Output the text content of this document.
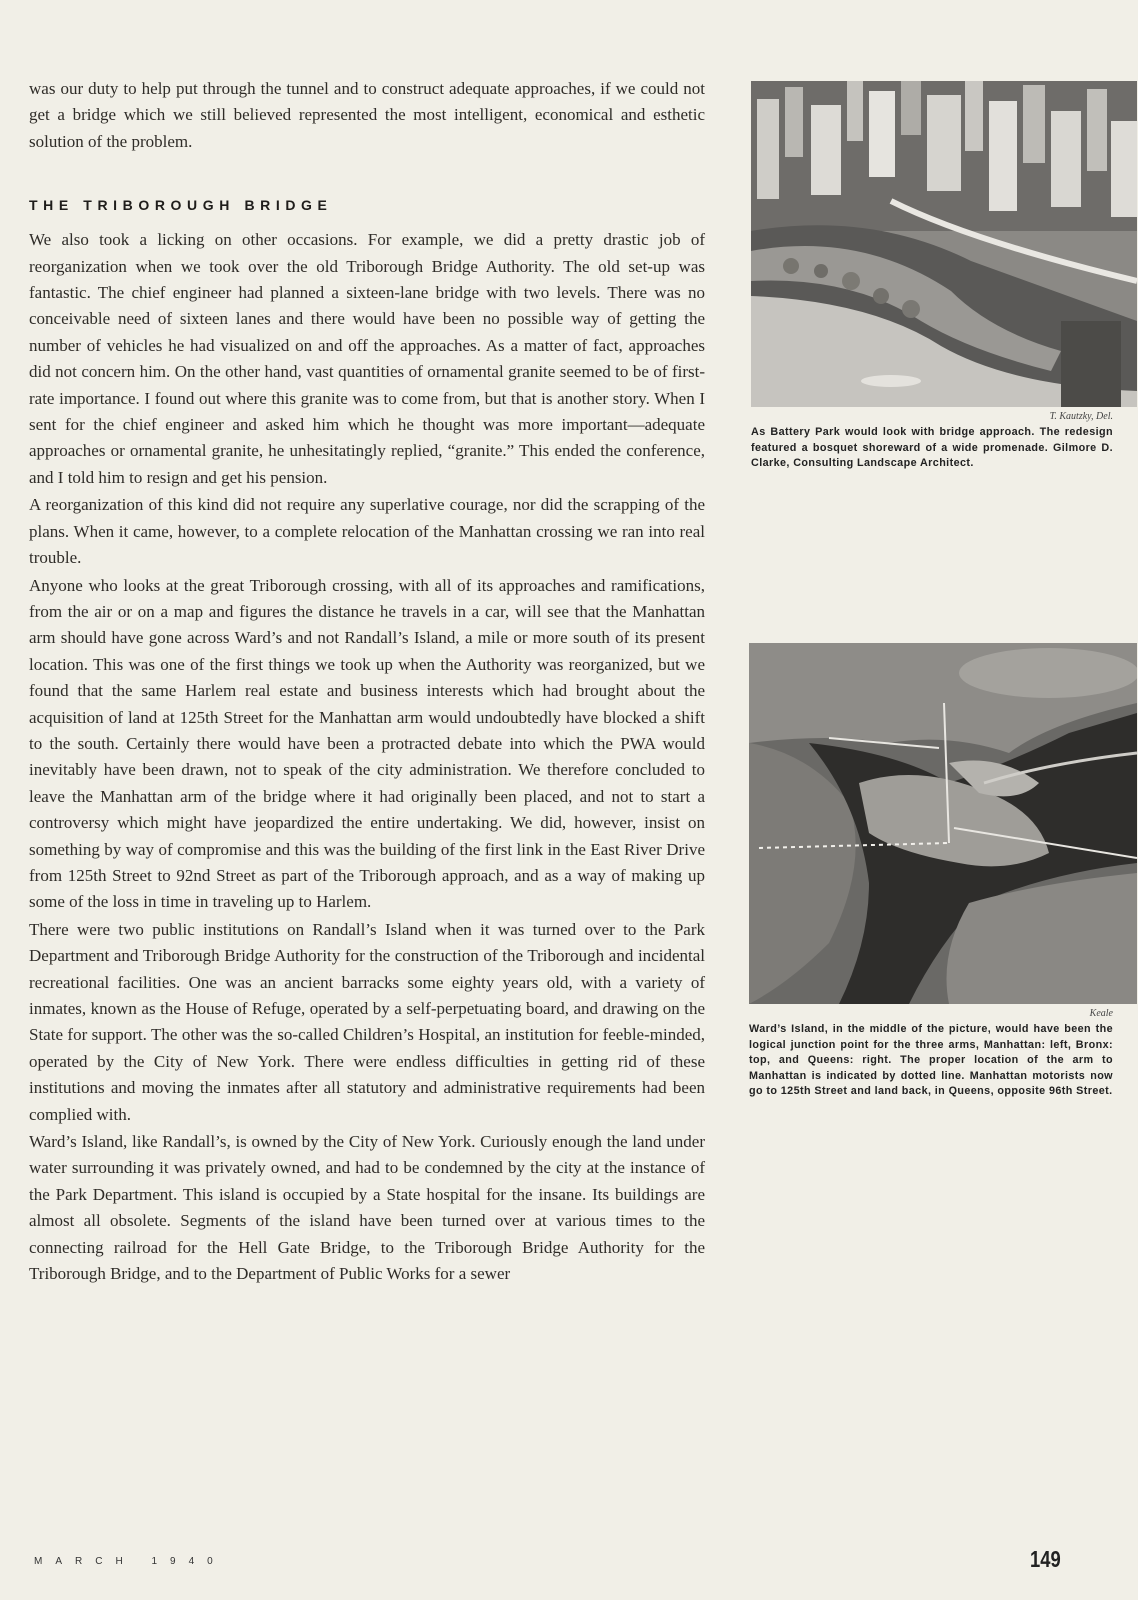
was our duty to help put through the tunnel and to construct adequate approaches, if we could not get a bridge which we still believed represented the most intelligent, economical and esthetic solution of the problem.

THE TRIBOROUGH BRIDGE

We also took a licking on other occasions. For example, we did a pretty drastic job of reorganization when we took over the old Triborough Bridge Authority. The old set-up was fantastic. The chief engineer had planned a sixteen-lane bridge with two levels. There was no conceivable need of sixteen lanes and there would have been no possible way of getting the number of vehicles he had visualized on and off the approaches. As a matter of fact, approaches did not concern him. On the other hand, vast quantities of ornamental granite seemed to be of first-rate importance. I found out where this granite was to come from, but that is another story. When I sent for the chief engineer and asked him which he thought was more important—adequate approaches or ornamental granite, he unhesitatingly replied, “granite.” This ended the conference, and I told him to resign and get his pension.

A reorganization of this kind did not require any superlative courage, nor did the scrapping of the plans. When it came, however, to a complete relocation of the Manhattan crossing we ran into real trouble.

Anyone who looks at the great Triborough crossing, with all of its approaches and ramifications, from the air or on a map and figures the distance he travels in a car, will see that the Manhattan arm should have gone across Ward’s and not Randall’s Island, a mile or more south of its present location. This was one of the first things we took up when the Authority was reorganized, but we found that the same Harlem real estate and business interests which had brought about the acquisition of land at 125th Street for the Manhattan arm would undoubtedly have blocked a shift to the south. Certainly there would have been a protracted debate into which the PWA would inevitably have been drawn, not to speak of the city administration. We therefore concluded to leave the Manhattan arm of the bridge where it had originally been placed, and not to start a controversy which might have jeopardized the entire undertaking. We did, however, insist on something by way of compromise and this was the building of the first link in the East River Drive from 125th Street to 92nd Street as part of the Triborough approach, and as a way of making up some of the loss in time in traveling up to Harlem.

There were two public institutions on Randall’s Island when it was turned over to the Park Department and Triborough Bridge Authority for the construction of the Triborough and incidental recreational facilities. One was an ancient barracks some eighty years old, with a variety of inmates, known as the House of Refuge, operated by a self-perpetuating board, and drawing on the State for support. The other was the so-called Children’s Hospital, an institution for feeble-minded, operated by the City of New York. There were endless difficulties in getting rid of these institutions and moving the inmates after all statutory and administrative requirements had been complied with.

Ward’s Island, like Randall’s, is owned by the City of New York. Curiously enough the land under water surrounding it was privately owned, and had to be condemned by the city at the instance of the Park Department. This island is occupied by a State hospital for the insane. Its buildings are almost all obsolete. Segments of the island have been turned over at various times to the connecting railroad for the Hell Gate Bridge, to the Triborough Bridge Authority for the Triborough Bridge, and to the Department of Public Works for a sewer

T. Kautzky, Del.

As Battery Park would look with bridge approach. The redesign featured a bosquet shoreward of a wide promenade. Gilmore D. Clarke, Consulting Landscape Architect.

Keale

Ward’s Island, in the middle of the picture, would have been the logical junction point for the three arms, Manhattan: left, Bronx: top, and Queens: right. The proper location of the arm to Manhattan is indicated by dotted line. Manhattan motorists now go to 125th Street and land back, in Queens, opposite 96th Street.

MARCH 1940	149
